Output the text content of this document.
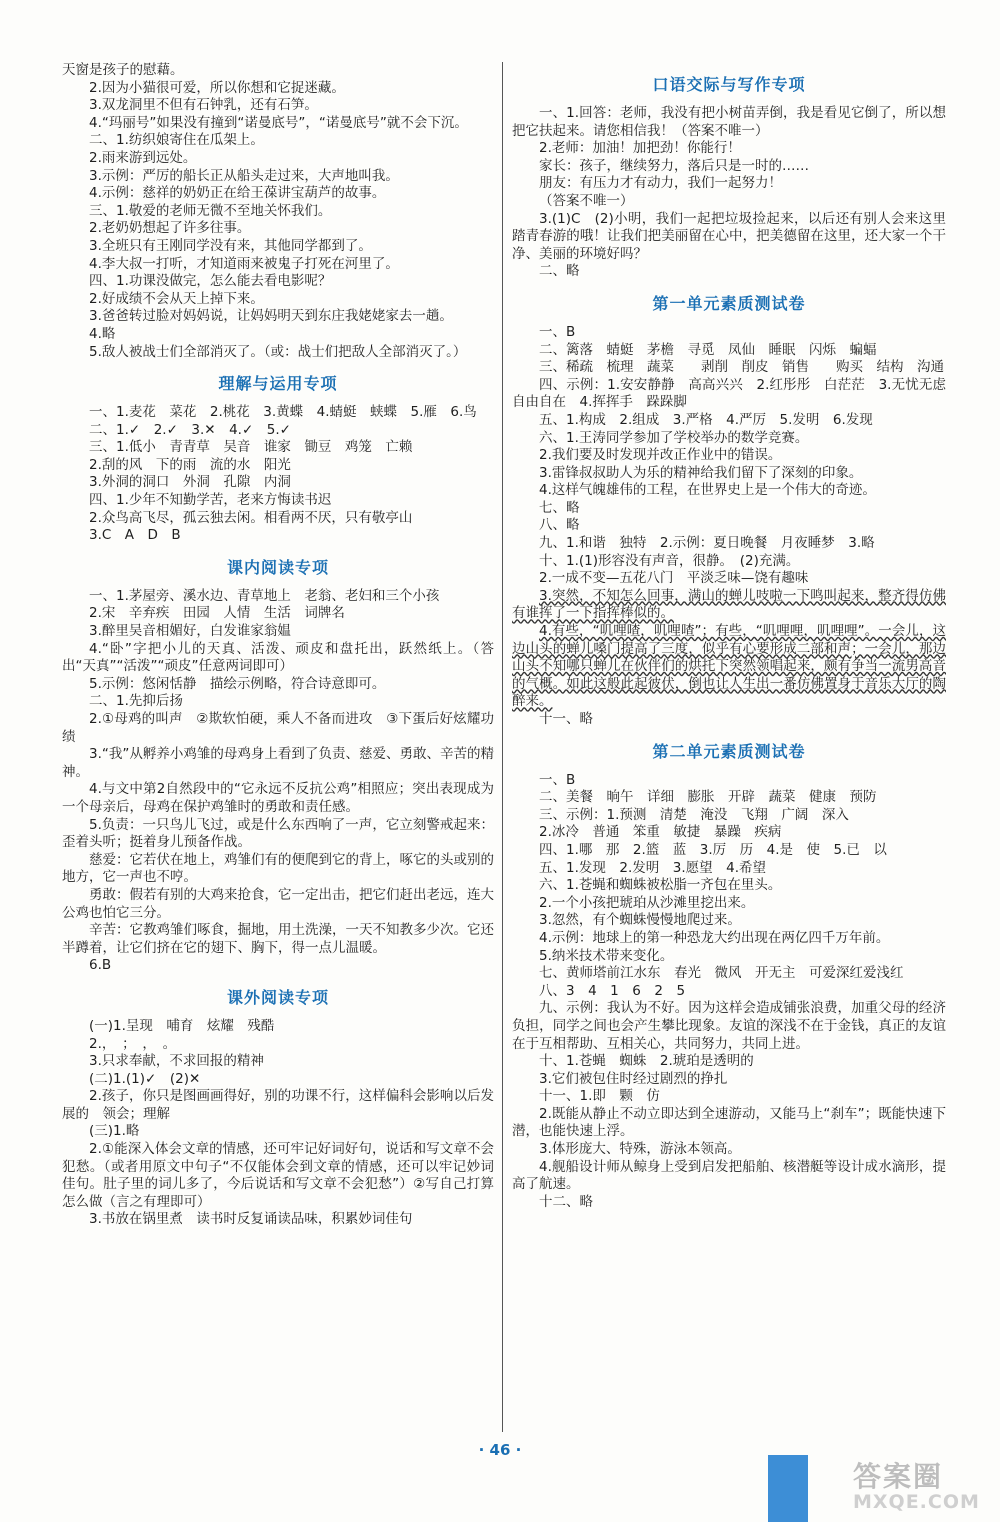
天窗是孩子的慰藉。
2.因为小猫很可爱，所以你想和它捉迷藏。
3.双龙洞里不但有石钟乳，还有石笋。
4.“玛丽号”如果没有撞到“诺曼底号”，“诺曼底号”就不会下沉。
二、1.纺织娘寄住在瓜架上。
2.雨来游到远处。
3.示例：严厉的船长正从船头走过来，大声地叫我。
4.示例：慈祥的奶奶正在给王葆讲宝葫芦的故事。
三、1.敬爱的老师无微不至地关怀我们。
2.老奶奶想起了许多往事。
3.全班只有王刚同学没有来，其他同学都到了。
4.李大叔一打听，才知道雨来被鬼子打死在河里了。
四、1.功课没做完，怎么能去看电影呢？
2.好成绩不会从天上掉下来。
3.爸爸转过脸对妈妈说，让妈妈明天到东庄我姥姥家去一趟。
4.略
5.敌人被战士们全部消灭了。（或：战士们把敌人全部消灭了。）
理解与运用专项
一、1.麦花　菜花　2.桃花　3.黄蝶　4.蜻蜓　蛱蝶　5.雁　6.鸟
二、1.✓　2.✓　3.✕　4.✓　5.✓
三、1.低小　青青草　吴音　谁家　锄豆　鸡笼　亡赖
2.刮的风　下的雨　流的水　阳光
3.外洞的洞口　外洞　孔隙　内洞
四、1.少年不知勤学苦，老来方悔读书迟
2.众鸟高飞尽，孤云独去闲。相看两不厌，只有敬亭山
3.C　A　D　B
课内阅读专项
一、1.茅屋旁、溪水边、青草地上　老翁、老妇和三个小孩
2.宋　辛弃疾　田园　人情　生活　词牌名
3.醉里吴音相媚好，白发谁家翁媪
4.“卧”字把小儿的天真、活泼、顽皮和盘托出，跃然纸上。（答出“天真”“活泼”“顽皮”任意两词即可）
5.示例：悠闲恬静　描绘示例略，符合诗意即可。
二、1.先抑后扬
2.①母鸡的叫声　②欺软怕硬，乘人不备而进攻　③下蛋后好炫耀功绩
3.“我”从孵养小鸡雏的母鸡身上看到了负责、慈爱、勇敢、辛苦的精神。
4.与文中第2自然段中的“它永远不反抗公鸡”相照应；突出表现成为一个母亲后，母鸡在保护鸡雏时的勇敢和责任感。
5.负责：一只鸟儿飞过，或是什么东西响了一声，它立刻警戒起来：歪着头听；挺着身儿预备作战。
慈爱：它若伏在地上，鸡雏们有的便爬到它的背上，啄它的头或别的地方，它一声也不哼。
勇敢：假若有别的大鸡来抢食，它一定出击，把它们赶出老远，连大公鸡也怕它三分。
辛苦：它教鸡雏们啄食，掘地，用土洗澡，一天不知教多少次。它还半蹲着，让它们挤在它的翅下、胸下，得一点儿温暖。
6.B
课外阅读专项
(一)1.呈现　哺育　炫耀　残酷
2.，　；　，　。
3.只求奉献，不求回报的精神
(二)1.(1)✓　(2)✕
2.孩子，你只是图画画得好，别的功课不行，这样偏科会影响以后发展的　领会；理解
(三)1.略
2.①能深入体会文章的情感，还可牢记好词好句，说话和写文章不会犯愁。（或者用原文中句子“不仅能体会到文章的情感，还可以牢记妙词佳句。肚子里的词儿多了，今后说话和写文章不会犯愁”）②写自己打算怎么做（言之有理即可）
3.书放在锅里煮　读书时反复诵读品味，积累妙词佳句
口语交际与写作专项
一、1.回答：老师，我没有把小树苗弄倒，我是看见它倒了，所以想把它扶起来。请您相信我！（答案不唯一）
2.老师：加油！加把劲！你能行！
家长：孩子，继续努力，落后只是一时的……
朋友：有压力才有动力，我们一起努力！
（答案不唯一）
3.(1)C　(2)小明，我们一起把垃圾捡起来，以后还有别人会来这里踏青春游的哦！让我们把美丽留在心中，把美德留在这里，还大家一个干净、美丽的环境好吗？
二、略
第一单元素质测试卷
一、B
二、篱落　蜻蜓　茅檐　寻觅　凤仙　睡眠　闪烁　蝙蝠
三、稀疏　梳理　蔬菜　　剥削　削皮　销售　　购买　结构　沟通
四、示例：1.安安静静　高高兴兴　2.红彤彤　白茫茫　3.无忧无虑　自由自在　4.挥挥手　跺跺脚
五、1.构成　2.组成　3.严格　4.严厉　5.发明　6.发现
六、1.王涛同学参加了学校举办的数学竞赛。
2.我们要及时发现并改正作业中的错误。
3.雷锋叔叔助人为乐的精神给我们留下了深刻的印象。
4.这样气魄雄伟的工程，在世界史上是一个伟大的奇迹。
七、略
八、略
九、1.和谐　独特　2.示例：夏日晚餐　月夜睡梦　3.略
十、1.(1)形容没有声音，很静。　(2)充满。
2.一成不变—五花八门　平淡乏味—饶有趣味
3.突然，不知怎么回事，满山的蝉儿吱啦一下鸣叫起来，整齐得仿佛有谁挥了一下指挥棒似的。
4.有些，“叽哩喳，叽哩喳”；有些，“叽哩哩，叽哩哩”。一会儿，这边山头的蝉儿嗓门提高了三度，似乎有心要形成二部和声；一会儿，那边山头不知哪只蝉儿在伙伴们的烘托下突然领唱起来，颇有争当一流男高音的气概。如此这般此起彼伏，倒也让人生出一番仿佛置身于音乐大厅的陶醉来。
十一、略
第二单元素质测试卷
一、B
二、美餐　晌午　详细　膨胀　开辟　蔬菜　健康　预防
三、示例：1.预测　清楚　淹没　飞翔　广阔　深入
2.冰冷　普通　笨重　敏捷　暴躁　疾病
四、1.哪　那　2.篮　蓝　3.厉　历　4.是　使　5.已　以
五、1.发现　2.发明　3.愿望　4.希望
六、1.苍蝇和蜘蛛被松脂一齐包在里头。
2.一个小孩把琥珀从沙滩里挖出来。
3.忽然，有个蜘蛛慢慢地爬过来。
4.示例：地球上的第一种恐龙大约出现在两亿四千万年前。
5.纳米技术带来变化。
七、黄师塔前江水东　春光　微风　开无主　可爱深红爱浅红
八、3　4　1　6　2　5
九、示例：我认为不好。因为这样会造成铺张浪费，加重父母的经济负担，同学之间也会产生攀比现象。友谊的深浅不在于金钱，真正的友谊在于互相帮助、互相关心，共同努力，共同上进。
十、1.苍蝇　蜘蛛　2.琥珀是透明的
3.它们被包住时经过剧烈的挣扎
十一、1.即　颗　仿
2.既能从静止不动立即达到全速游动，又能马上“刹车”；既能快速下潜，也能快速上浮。
3.体形庞大、特殊，游泳本领高。
4.舰船设计师从鲸身上受到启发把船舶、核潜艇等设计成水滴形，提高了航速。
十二、略
· 46 ·
答案圈
MXQE.COM
